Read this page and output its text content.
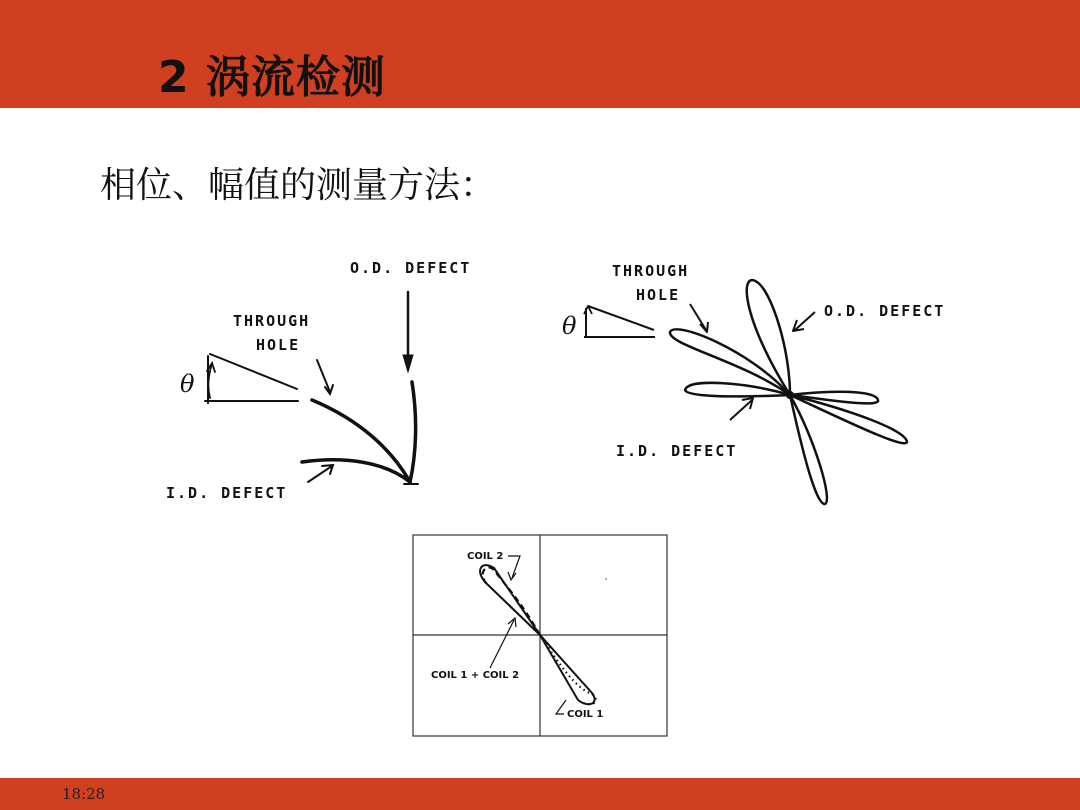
2 涡流检测
相位、幅值的测量方法：
O.D. DEFECT
THROUGH
HOLE
θ
I.D. DEFECT
THROUGH
HOLE
θ
O.D. DEFECT
I.D. DEFECT
COIL 2
COIL 1 + COIL 2
COIL 1
18:28
